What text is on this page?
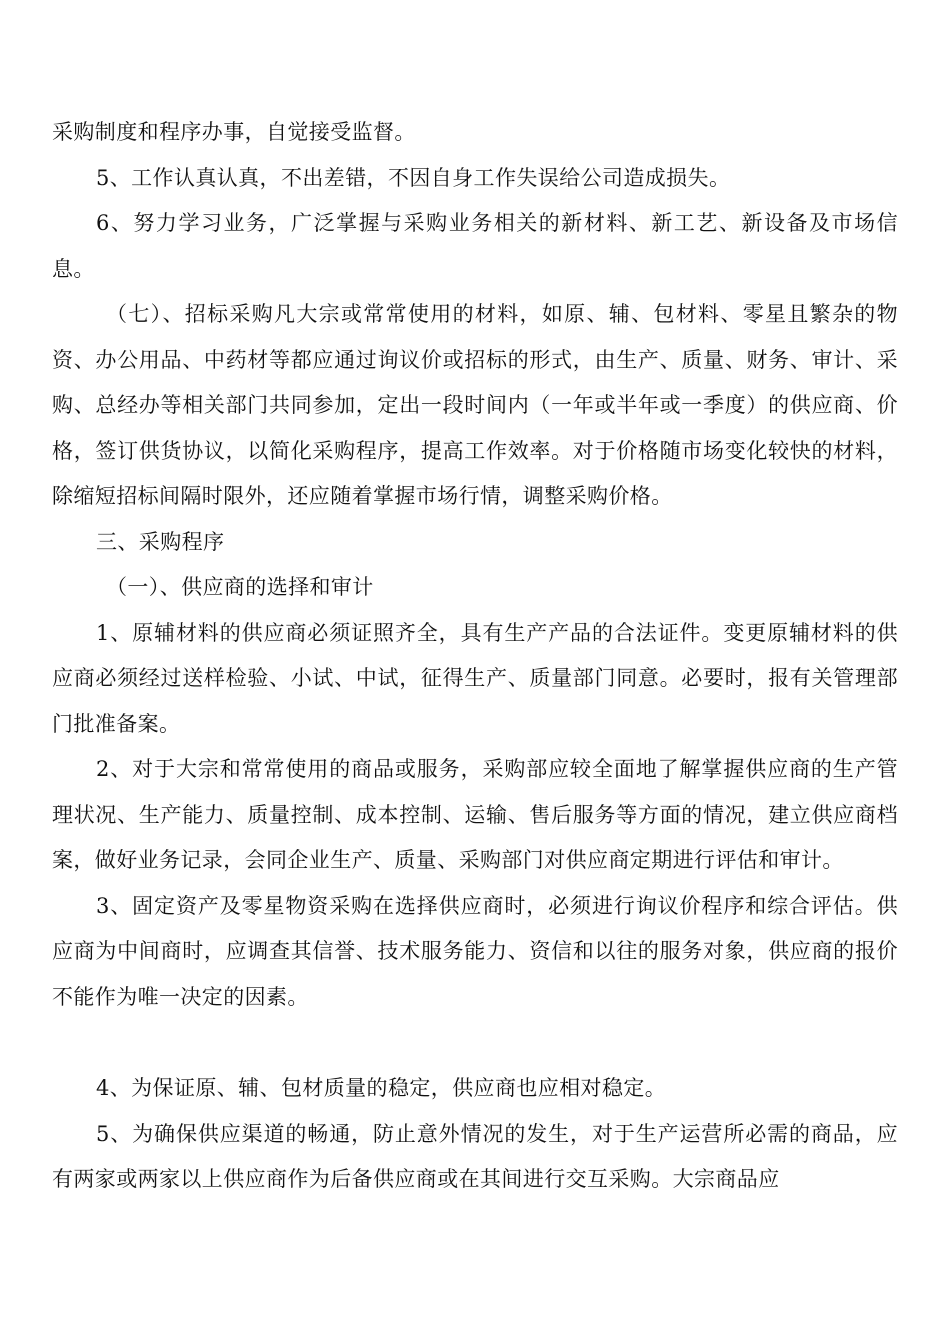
采购制度和程序办事，自觉接受监督。

5、工作认真认真，不出差错，不因自身工作失误给公司造成损失。

6、努力学习业务，广泛掌握与采购业务相关的新材料、新工艺、新设备及市场信息。

（七）、招标采购凡大宗或常常使用的材料，如原、辅、包材料、零星且繁杂的物资、办公用品、中药材等都应通过询议价或招标的形式，由生产、质量、财务、审计、采购、总经办等相关部门共同参加，定出一段时间内（一年或半年或一季度）的供应商、价格，签订供货协议，以简化采购程序，提高工作效率。对于价格随市场变化较快的材料，除缩短招标间隔时限外，还应随着掌握市场行情，调整采购价格。

三、采购程序

（一）、供应商的选择和审计

1、原辅材料的供应商必须证照齐全，具有生产产品的合法证件。变更原辅材料的供应商必须经过送样检验、小试、中试，征得生产、质量部门同意。必要时，报有关管理部门批准备案。

2、对于大宗和常常使用的商品或服务，采购部应较全面地了解掌握供应商的生产管理状况、生产能力、质量控制、成本控制、运输、售后服务等方面的情况，建立供应商档案，做好业务记录，会同企业生产、质量、采购部门对供应商定期进行评估和审计。

3、固定资产及零星物资采购在选择供应商时，必须进行询议价程序和综合评估。供应商为中间商时，应调查其信誉、技术服务能力、资信和以往的服务对象，供应商的报价不能作为唯一决定的因素。

4、为保证原、辅、包材质量的稳定，供应商也应相对稳定。

5、为确保供应渠道的畅通，防止意外情况的发生，对于生产运营所必需的商品，应有两家或两家以上供应商作为后备供应商或在其间进行交互采购。大宗商品应
